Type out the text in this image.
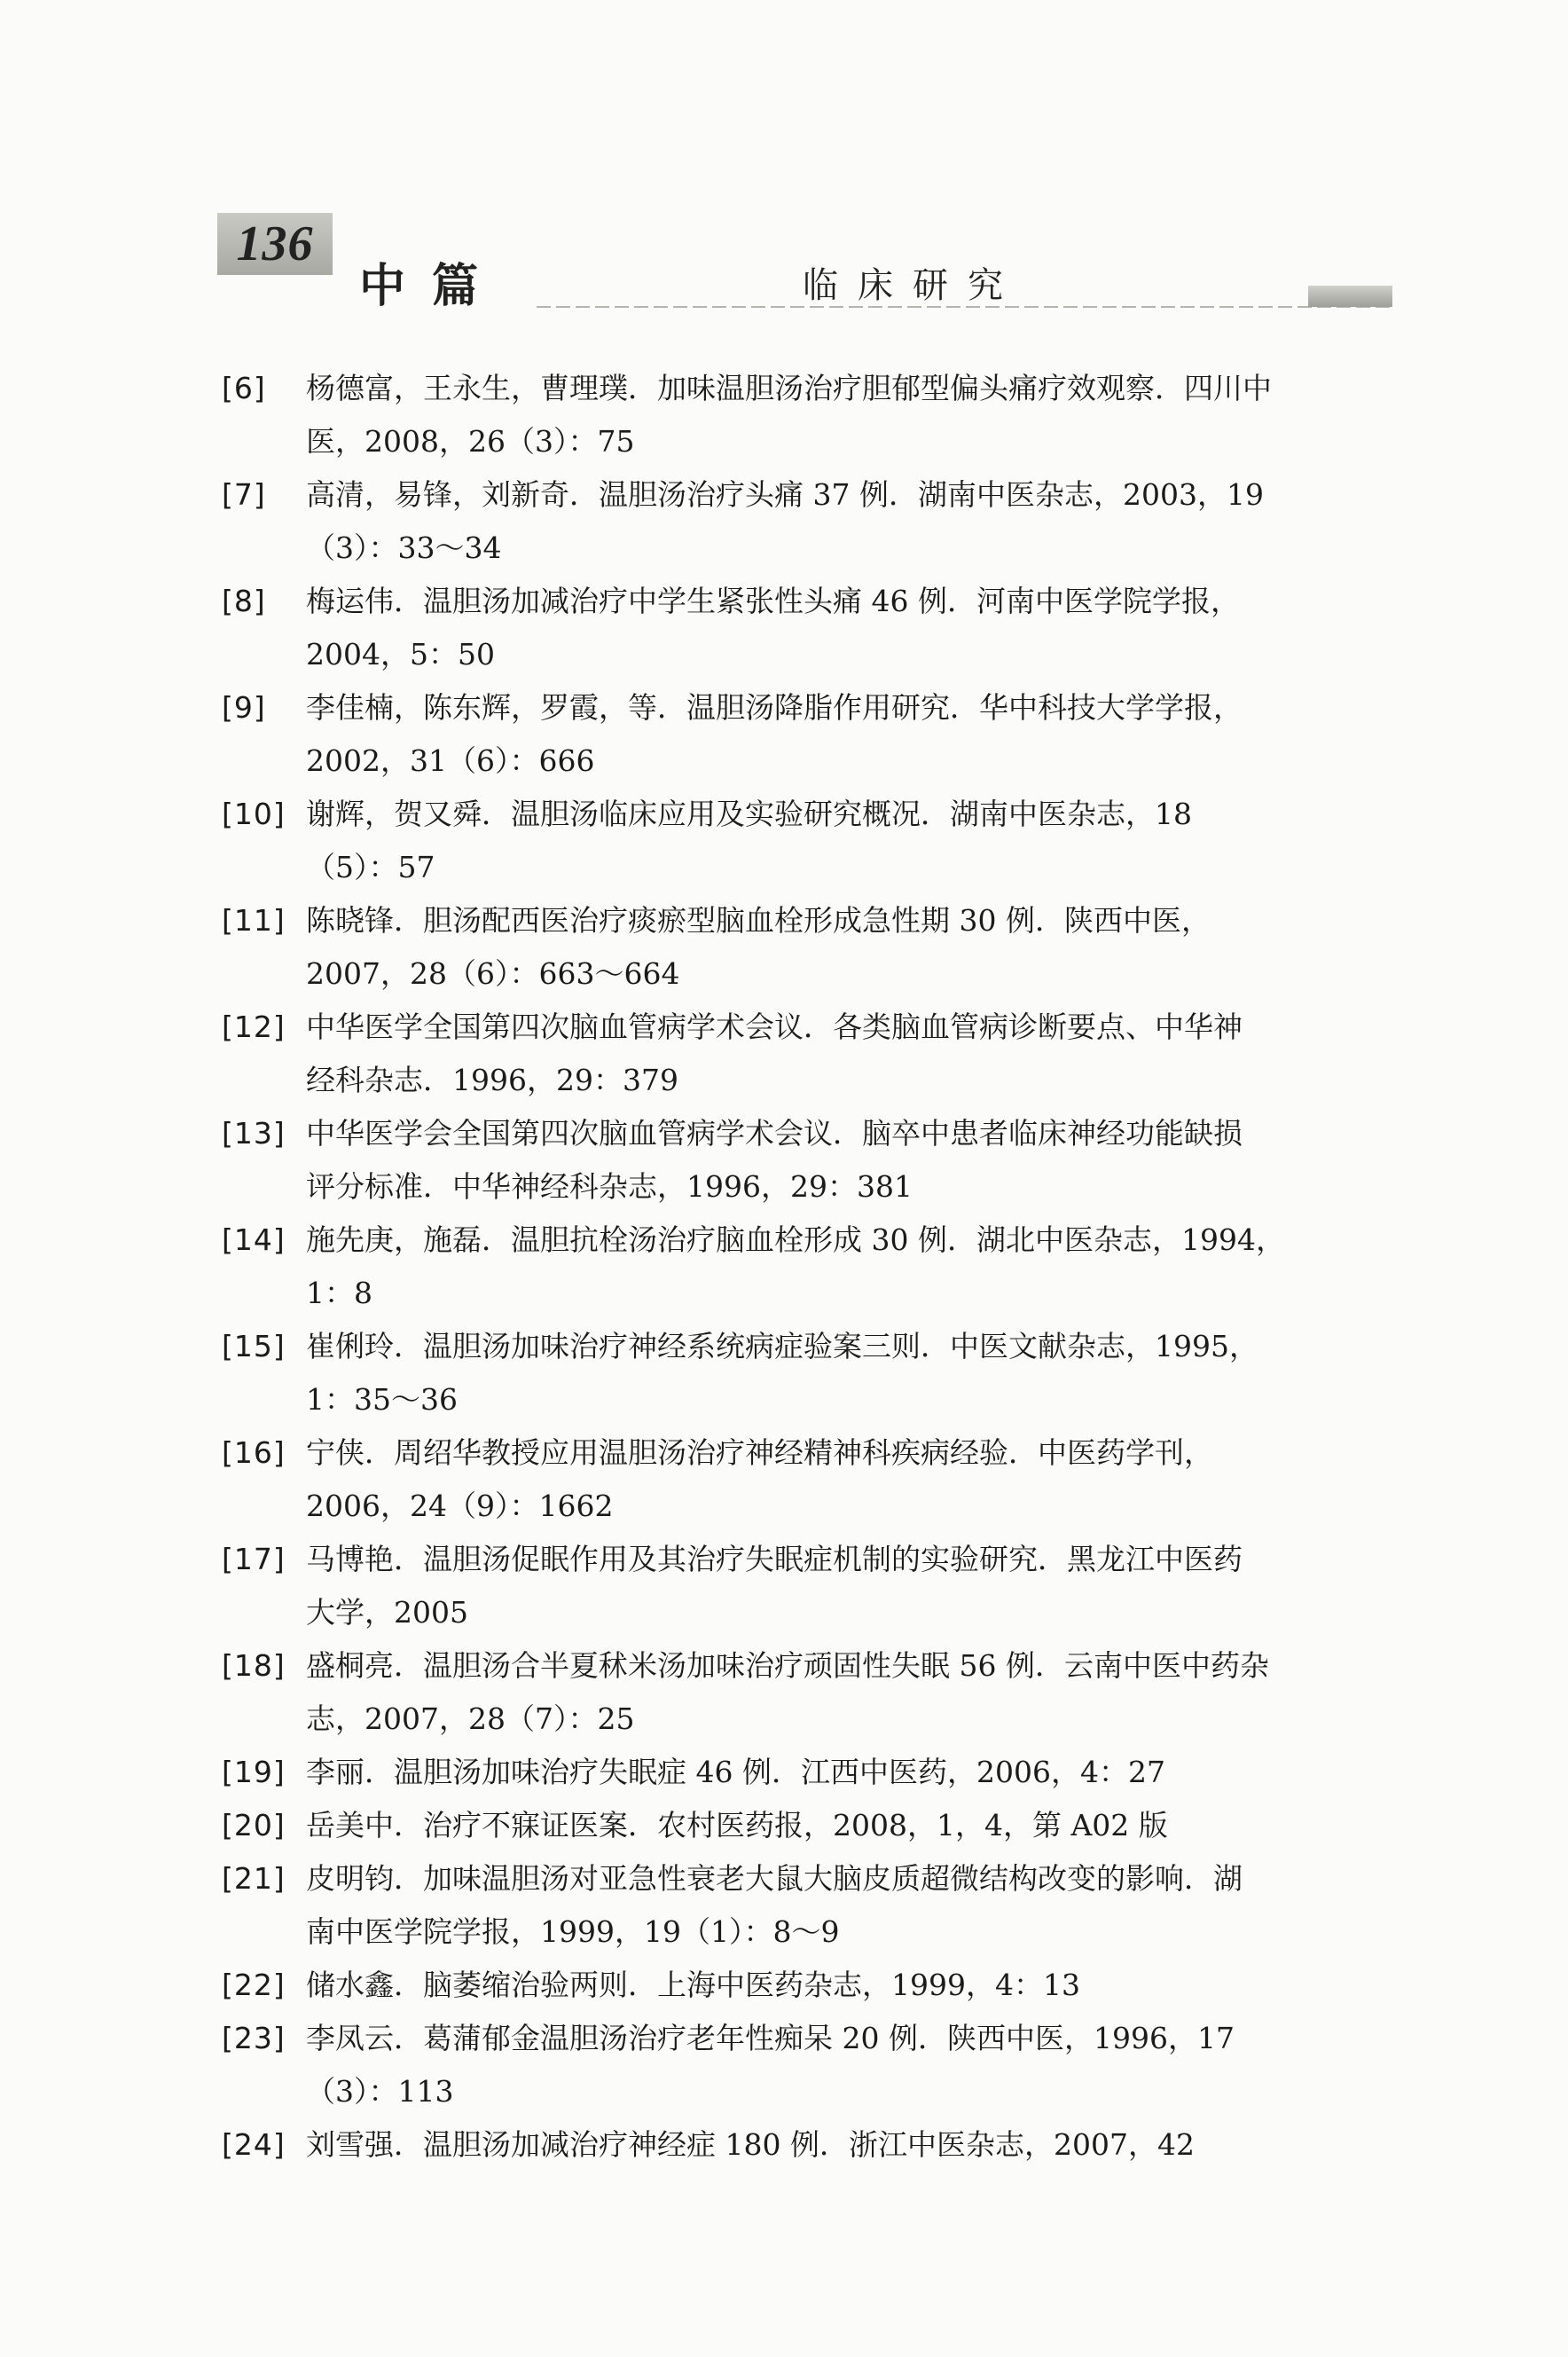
136
中篇	临床研究
[6] 杨德富，王永生，曹理璞．加味温胆汤治疗胆郁型偏头痛疗效观察．四川中
医，2008，26（3）：75
[7] 高清，易锋，刘新奇．温胆汤治疗头痛 37 例．湖南中医杂志，2003，19
（3）：33～34
[8] 梅运伟．温胆汤加减治疗中学生紧张性头痛 46 例．河南中医学院学报，
2004，5：50
[9] 李佳楠，陈东辉，罗霞，等．温胆汤降脂作用研究．华中科技大学学报，
2002，31（6）：666
[10] 谢辉，贺又舜．温胆汤临床应用及实验研究概况．湖南中医杂志，18
（5）：57
[11] 陈晓锋．胆汤配西医治疗痰瘀型脑血栓形成急性期 30 例．陕西中医，
2007，28（6）：663～664
[12] 中华医学全国第四次脑血管病学术会议．各类脑血管病诊断要点、中华神
经科杂志．1996，29：379
[13] 中华医学会全国第四次脑血管病学术会议．脑卒中患者临床神经功能缺损
评分标准．中华神经科杂志，1996，29：381
[14] 施先庚，施磊．温胆抗栓汤治疗脑血栓形成 30 例．湖北中医杂志，1994，
1：8
[15] 崔俐玲．温胆汤加味治疗神经系统病症验案三则．中医文献杂志，1995，
1：35～36
[16] 宁侠．周绍华教授应用温胆汤治疗神经精神科疾病经验．中医药学刊，
2006，24（9）：1662
[17] 马博艳．温胆汤促眠作用及其治疗失眠症机制的实验研究．黑龙江中医药
大学，2005
[18] 盛桐亮．温胆汤合半夏秫米汤加味治疗顽固性失眠 56 例．云南中医中药杂
志，2007，28（7）：25
[19] 李丽．温胆汤加味治疗失眠症 46 例．江西中医药，2006，4：27
[20] 岳美中．治疗不寐证医案．农村医药报，2008，1，4，第 A02 版
[21] 皮明钧．加味温胆汤对亚急性衰老大鼠大脑皮质超微结构改变的影响．湖
南中医学院学报，1999，19（1）：8～9
[22] 储水鑫．脑萎缩治验两则．上海中医药杂志，1999，4：13
[23] 李凤云．葛蒲郁金温胆汤治疗老年性痴呆 20 例．陕西中医，1996，17
（3）：113
[24] 刘雪强．温胆汤加减治疗神经症 180 例．浙江中医杂志，2007，42
